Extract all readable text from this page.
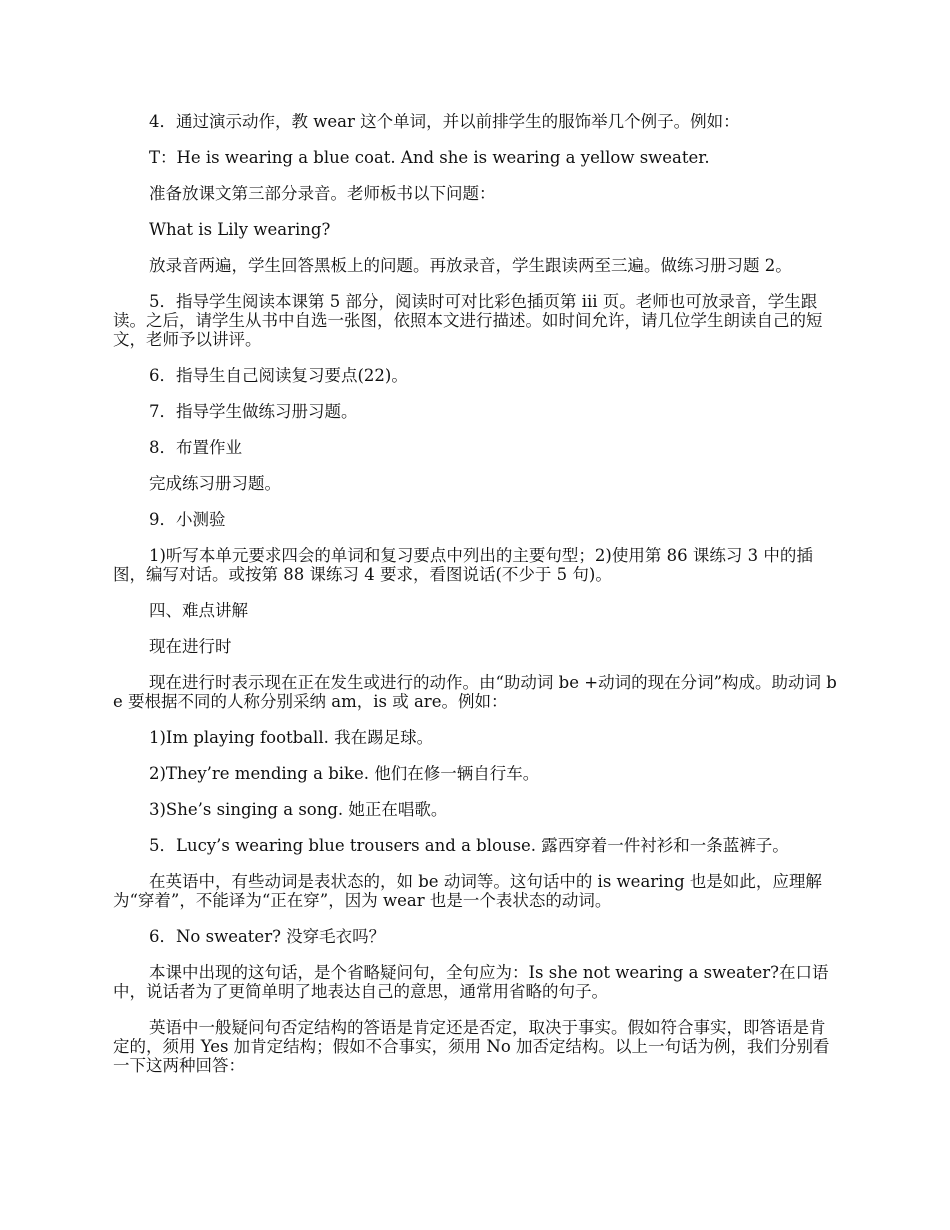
4．通过演示动作，教 wear 这个单词，并以前排学生的服饰举几个例子。例如：

T：He is wearing a blue coat. And she is wearing a yellow sweater.

准备放课文第三部分录音。老师板书以下问题：

What is Lily wearing?

放录音两遍，学生回答黑板上的问题。再放录音，学生跟读两至三遍。做练习册习题 2。

5．指导学生阅读本课第 5 部分，阅读时可对比彩色插页第 iii 页。老师也可放录音，学生跟读。之后，请学生从书中自选一张图，依照本文进行描述。如时间允许，请几位学生朗读自己的短文，老师予以讲评。

6．指导生自己阅读复习要点(22)。

7．指导学生做练习册习题。

8．布置作业

完成练习册习题。

9．小测验

1)听写本单元要求四会的单词和复习要点中列出的主要句型；2)使用第 86 课练习 3 中的插图，编写对话。或按第 88 课练习 4 要求，看图说话(不少于 5 句)。

四、难点讲解

现在进行时

现在进行时表示现在正在发生或进行的动作。由“助动词 be +动词的现在分词”构成。助动词 be 要根据不同的人称分别采纳 am，is 或 are。例如：

1)Im playing football. 我在踢足球。

2)They’re mending a bike. 他们在修一辆自行车。

3)She’s singing a song. 她正在唱歌。

5．Lucy’s wearing blue trousers and a blouse. 露西穿着一件衬衫和一条蓝裤子。

在英语中，有些动词是表状态的，如 be 动词等。这句话中的 is wearing 也是如此，应理解为“穿着”，不能译为“正在穿”，因为 wear 也是一个表状态的动词。

6．No sweater? 没穿毛衣吗？

本课中出现的这句话，是个省略疑问句，全句应为：Is she not wearing a sweater?在口语中，说话者为了更简单明了地表达自己的意思，通常用省略的句子。

英语中一般疑问句否定结构的答语是肯定还是否定，取决于事实。假如符合事实，即答语是肯定的，须用 Yes 加肯定结构；假如不合事实，须用 No 加否定结构。以上一句话为例，我们分别看一下这两种回答：
